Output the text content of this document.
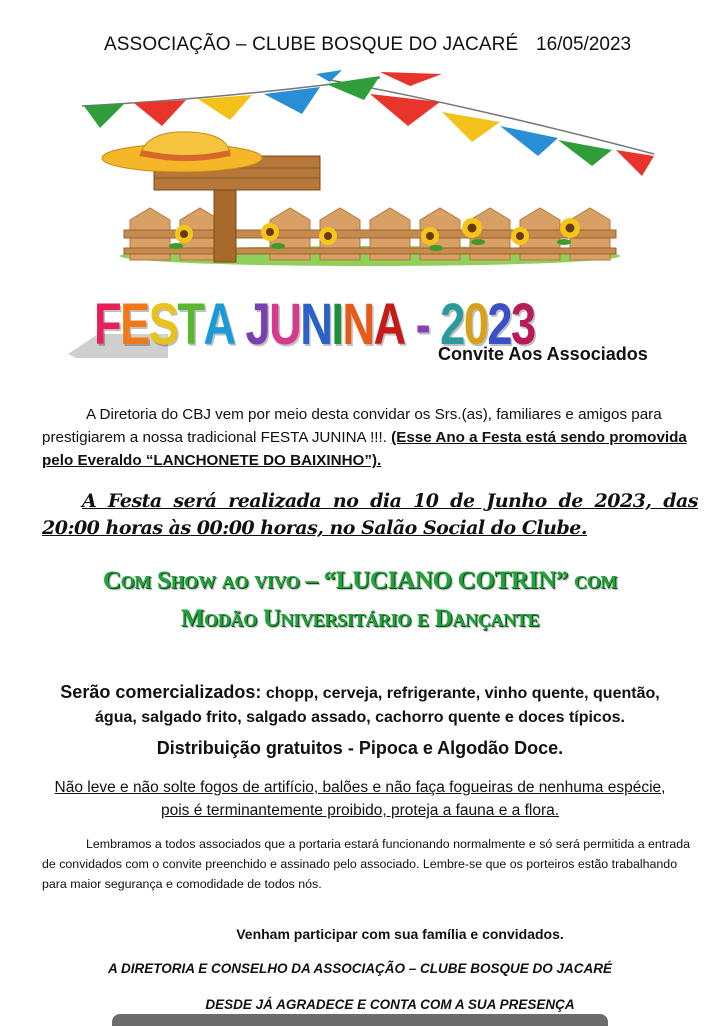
ASSOCIAÇÃO – CLUBE BOSQUE DO JACARÉ 16/05/2023
FESTA JUNINA - 2023
Convite Aos Associados
A Diretoria do CBJ vem por meio desta convidar os Srs.(as), familiares e amigos para prestigiarem a nossa tradicional FESTA JUNINA !!!. (Esse Ano a Festa está sendo promovida pelo Everaldo “LANCHONETE DO BAIXINHO”).
A Festa será realizada no dia 10 de Junho de 2023, das 20:00 horas às 00:00 horas, no Salão Social do Clube.
Com Show ao vivo – “LUCIANO COTRIN” com
Modão Universitário e Dançante
Serão comercializados: chopp, cerveja, refrigerante, vinho quente, quentão, água, salgado frito, salgado assado, cachorro quente e doces típicos.
Distribuição gratuitos - Pipoca e Algodão Doce.
Não leve e não solte fogos de artifício, balões e não faça fogueiras de nenhuma espécie, pois é terminantemente proibido, proteja a fauna e a flora.
Lembramos a todos associados que a portaria estará funcionando normalmente e só será permitida a entrada de convidados com o convite preenchido e assinado pelo associado. Lembre-se que os porteiros estão trabalhando para maior segurança e comodidade de todos nós.
Venham participar com sua família e convidados.
A DIRETORIA E CONSELHO DA ASSOCIAÇÃO – CLUBE BOSQUE DO JACARÉ
DESDE JÁ AGRADECE E CONTA COM A SUA PRESENÇA
